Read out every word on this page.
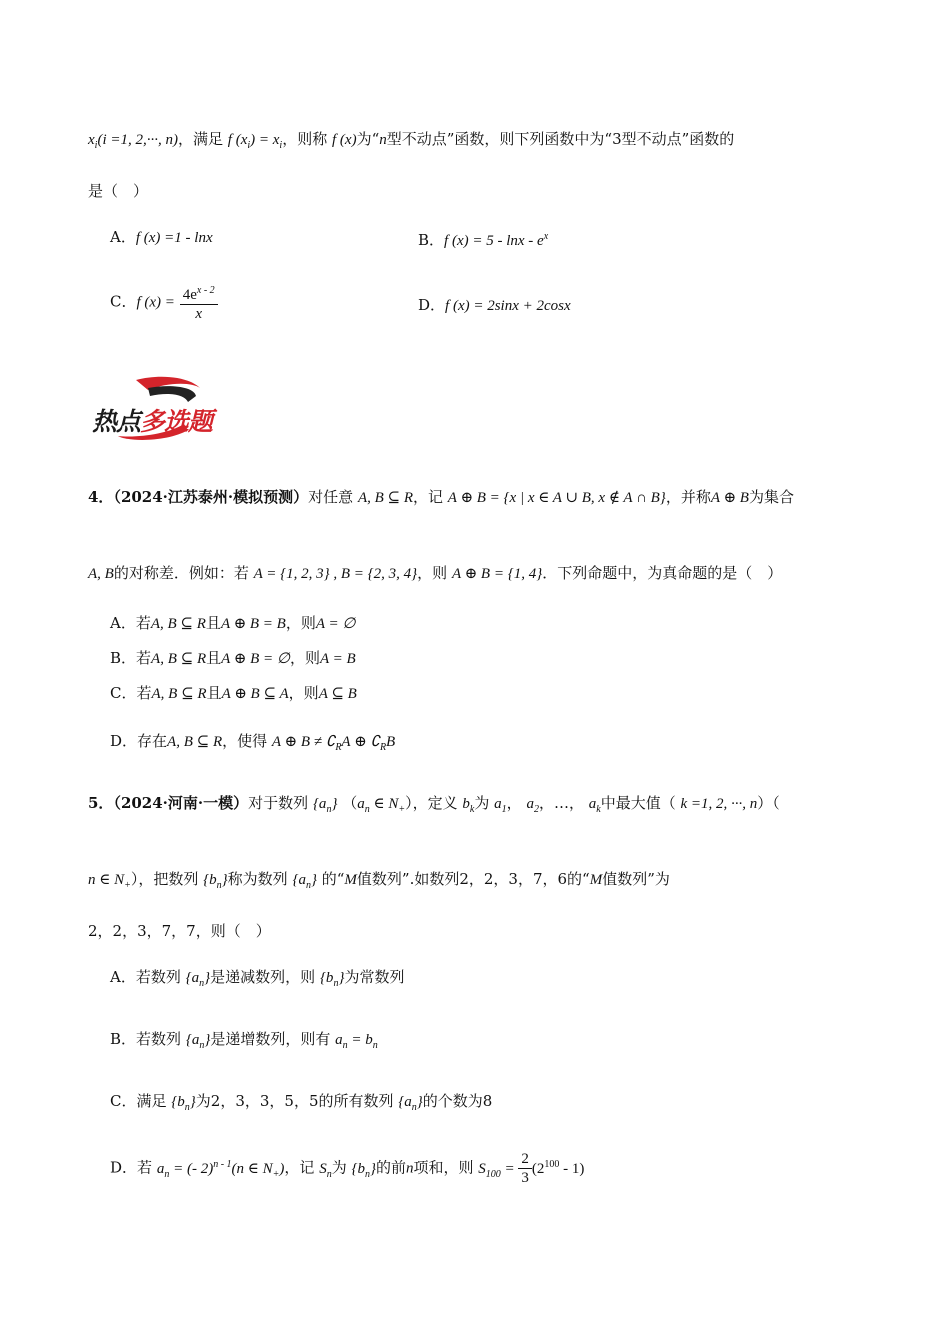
$x_i(i =1$, 2,···, n)，满足 f $(x_i) = x_i$，则称 f (x)为“n型不动点”函数，则下列函数中为“3型不动点”函数的
是（　）
A．f (x) =1 - lnx	B．f $(x) = 5 - \ln x - e^x$
C．f $(x) = \frac{4e^{x - 2}}{x}$	D．f (x) = 2sinx + 2cosx
热点多选题
4．（2024·江苏泰州·模拟预测）对任意 A, B ⊆ R，记 A ⊕ B = {x | x ∈ A ∪ B, x ∉ A ∩ B}，并称A ⊕ B为集合
A, B的对称差．例如：若 A = {1, 2, 3} , B = {2, 3, 4}，则 A ⊕ B = {1, 4}．下列命题中，为真命题的是（　）
A．若A, B ⊆ R且A ⊕ B = B，则A = ∅
B．若A, B ⊆ R且A ⊕ B = ∅，则A = B
C．若A, B ⊆ R且A ⊕ B ⊆ A，则A ⊆ B
D．存在A, B ⊆ R，使得 A ⊕ $B \ne ∁_RA$ ⊕ $∁_RB$
5．（2024·河南·一模）对于数列 $\{a_n\}$ （$a_n$ ∈ $N_+$），定义 $b_k$为 $a_1$， $a_2$，…， $a_k$中最大值（ k =1, 2, ···, n）（
n ∈ $N_+$），把数列 $\{b_n\}$称为数列 $\{a_n\}$ 的“M值数列”.如数列2，2，3，7，6的“M值数列”为
2，2，3，7，7，则（　）
A．若数列 $\{a_n\}$是递减数列，则 $\{b_n\}$为常数列
B．若数列 $\{a_n\}$是递增数列，则有 $a_n = b_n$
C．满足 $\{b_n\}$为2，3，3，5，5的所有数列 $\{a_n\}$的个数为8
D．若 $a_n$ = (- 2)$^{n - 1}$(n ∈ $N_+$)，记 $S_n$为 $\{b_n\}$的前n项和，则 $S_{100} = \frac{2}{3} (2^{100} - 1)$
